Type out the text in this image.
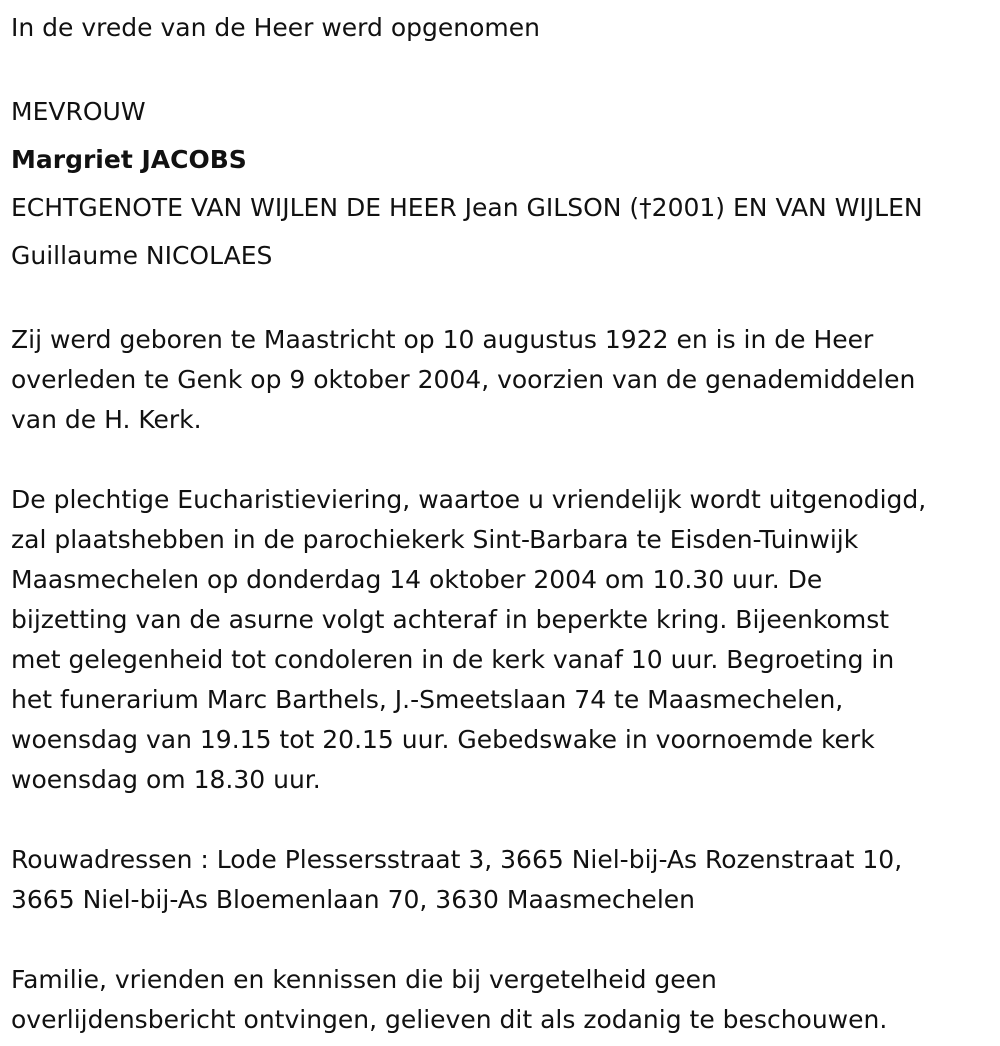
In de vrede van de Heer werd opgenomen

MEVROUW

Margriet JACOBS

ECHTGENOTE VAN WIJLEN DE HEER Jean GILSON (†2001) EN VAN WIJLEN

Guillaume NICOLAES

Zij werd geboren te Maastricht op 10 augustus 1922 en is in de Heer

overleden te Genk op 9 oktober 2004, voorzien van de genademiddelen

van de H. Kerk.

De plechtige Eucharistieviering, waartoe u vriendelijk wordt uitgenodigd,

zal plaatshebben in de parochiekerk Sint-Barbara te Eisden-Tuinwijk

Maasmechelen op donderdag 14 oktober 2004 om 10.30 uur. De

bijzetting van de asurne volgt achteraf in beperkte kring. Bijeenkomst

met gelegenheid tot condoleren in de kerk vanaf 10 uur. Begroeting in

het funerarium Marc Barthels, J.-Smeetslaan 74 te Maasmechelen,

woensdag van 19.15 tot 20.15 uur. Gebedswake in voornoemde kerk

woensdag om 18.30 uur.

Rouwadressen : Lode Plessersstraat 3, 3665 Niel-bij-As Rozenstraat 10,

3665 Niel-bij-As Bloemenlaan 70, 3630 Maasmechelen

Familie, vrienden en kennissen die bij vergetelheid geen

overlijdensbericht ontvingen, gelieven dit als zodanig te beschouwen.
